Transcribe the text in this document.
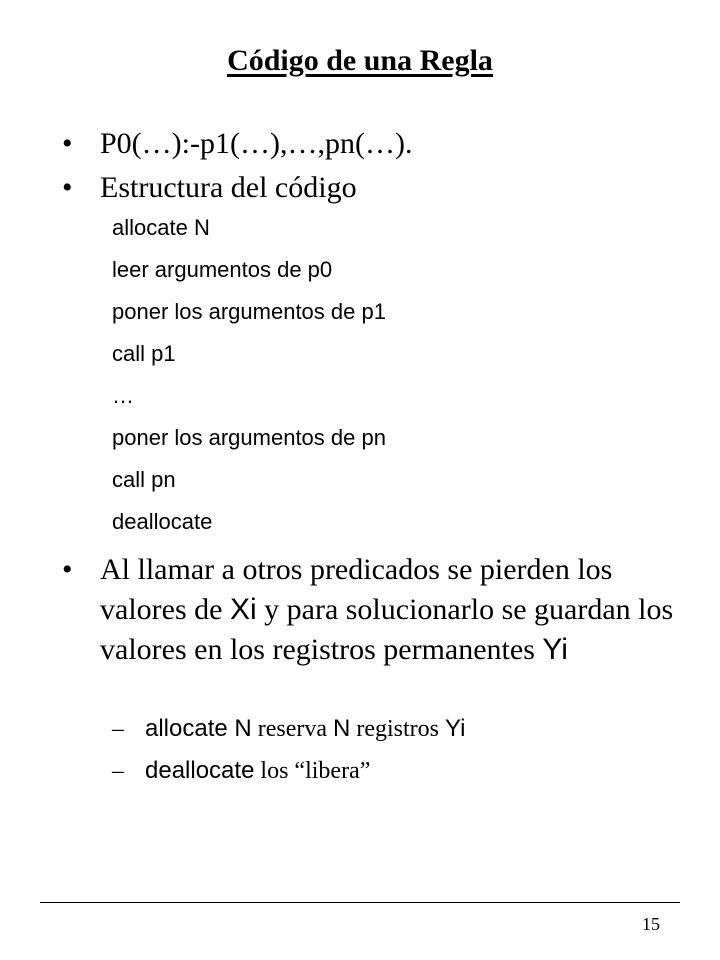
Código de una Regla
• P0(…):-p1(…),…,pn(…).
• Estructura del código
allocate N
leer argumentos de p0
poner los argumentos de p1
call p1
…
poner los argumentos de pn
call pn
deallocate
• Al llamar a otros predicados se pierden los valores de Xi y para solucionarlo se guardan los valores en los registros permanentes Yi
– allocate N reserva N registros Yi
– deallocate los “libera”
15
